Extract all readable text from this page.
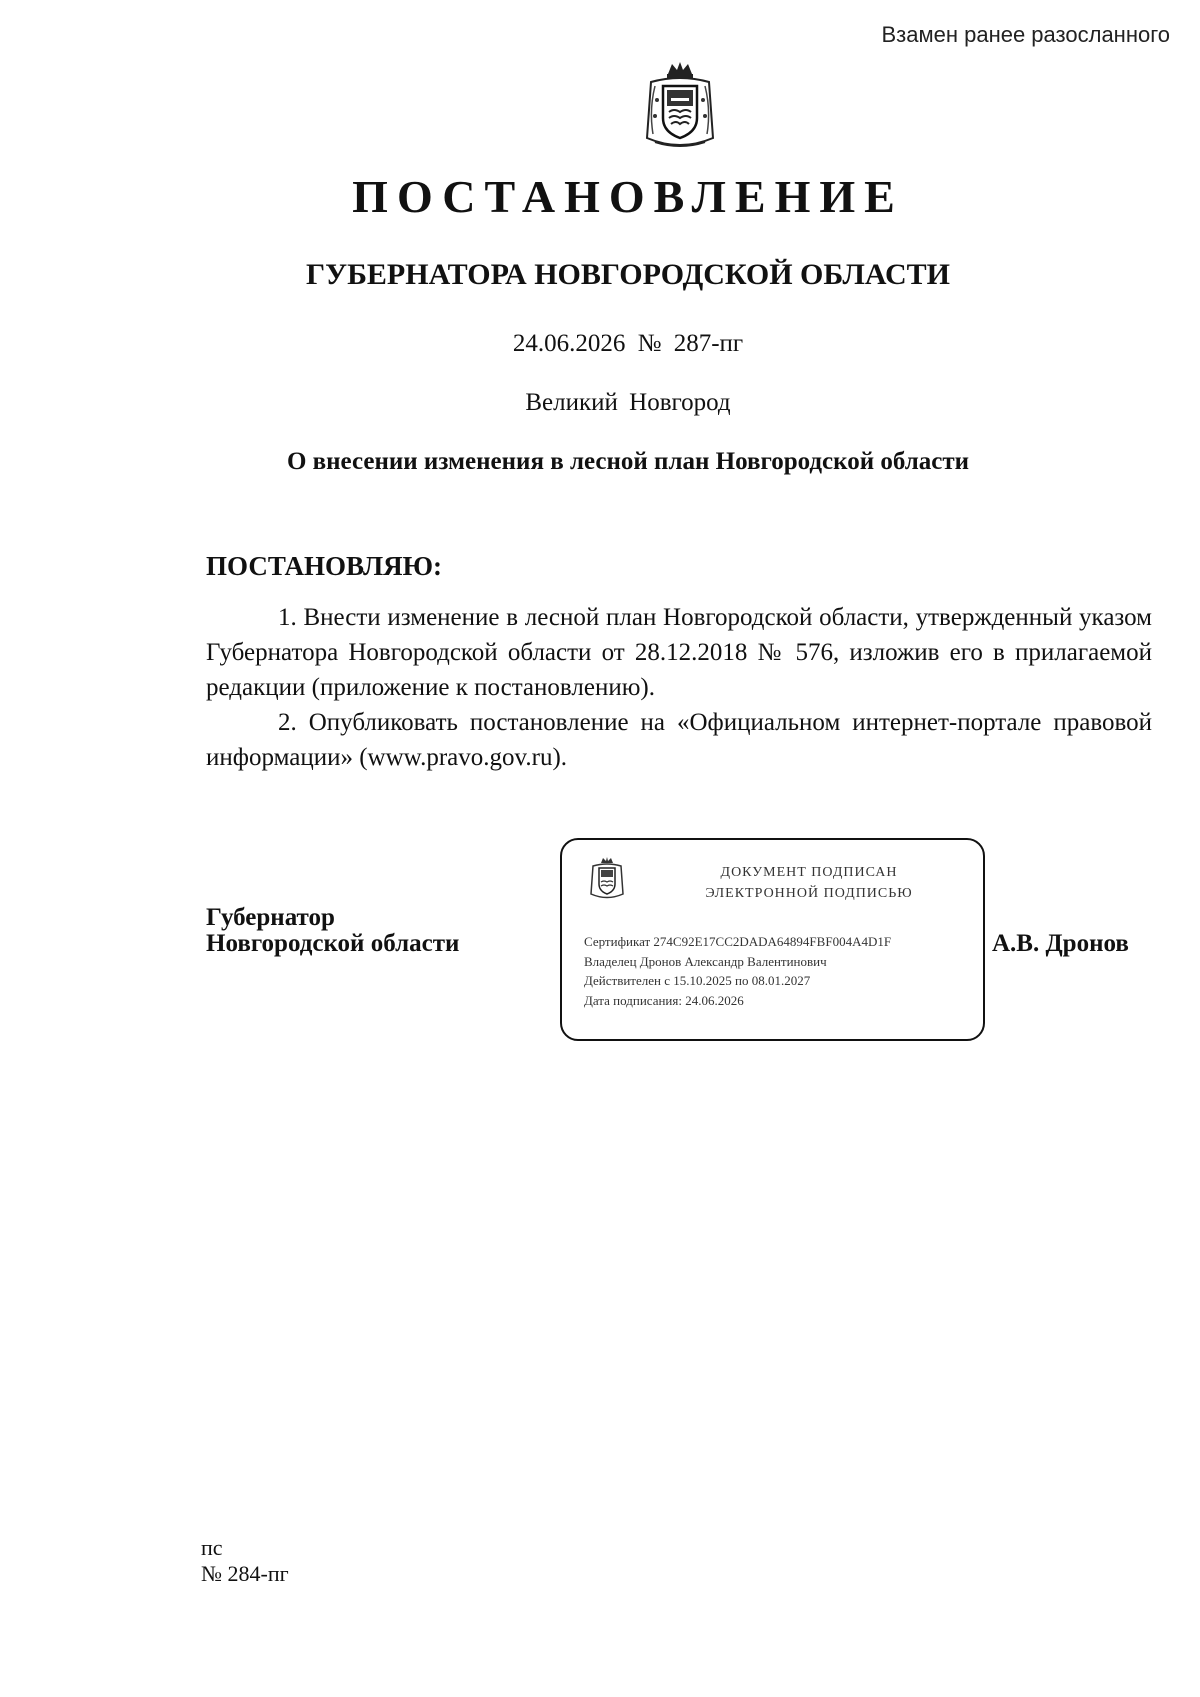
Взамен ранее разосланного
ПОСТАНОВЛЕНИЕ
ГУБЕРНАТОРА НОВГОРОДСКОЙ ОБЛАСТИ
24.06.2026 № 287-пг
Великий Новгород
О внесении изменения в лесной план Новгородской области
ПОСТАНОВЛЯЮ:

1. Внести изменение в лесной план Новгородской области, утвержденный указом Губернатора Новгородской области от 28.12.2018 № 576, изложив его в прилагаемой редакции (приложение к постановлению).

2. Опубликовать постановление на «Официальном интернет-портале правовой информации» (www.pravo.gov.ru).

Губернатор
Новгородской области
ДОКУМЕНТ ПОДПИСАН
ЭЛЕКТРОННОЙ ПОДПИСЬЮ
Сертификат 274C92E17CC2DADA64894FBF004A4D1F
Владелец Дронов Александр Валентинович
Действителен с 15.10.2025 по 08.01.2027
Дата подписания: 24.06.2026
А.В. Дронов
пс
№ 284-пг
